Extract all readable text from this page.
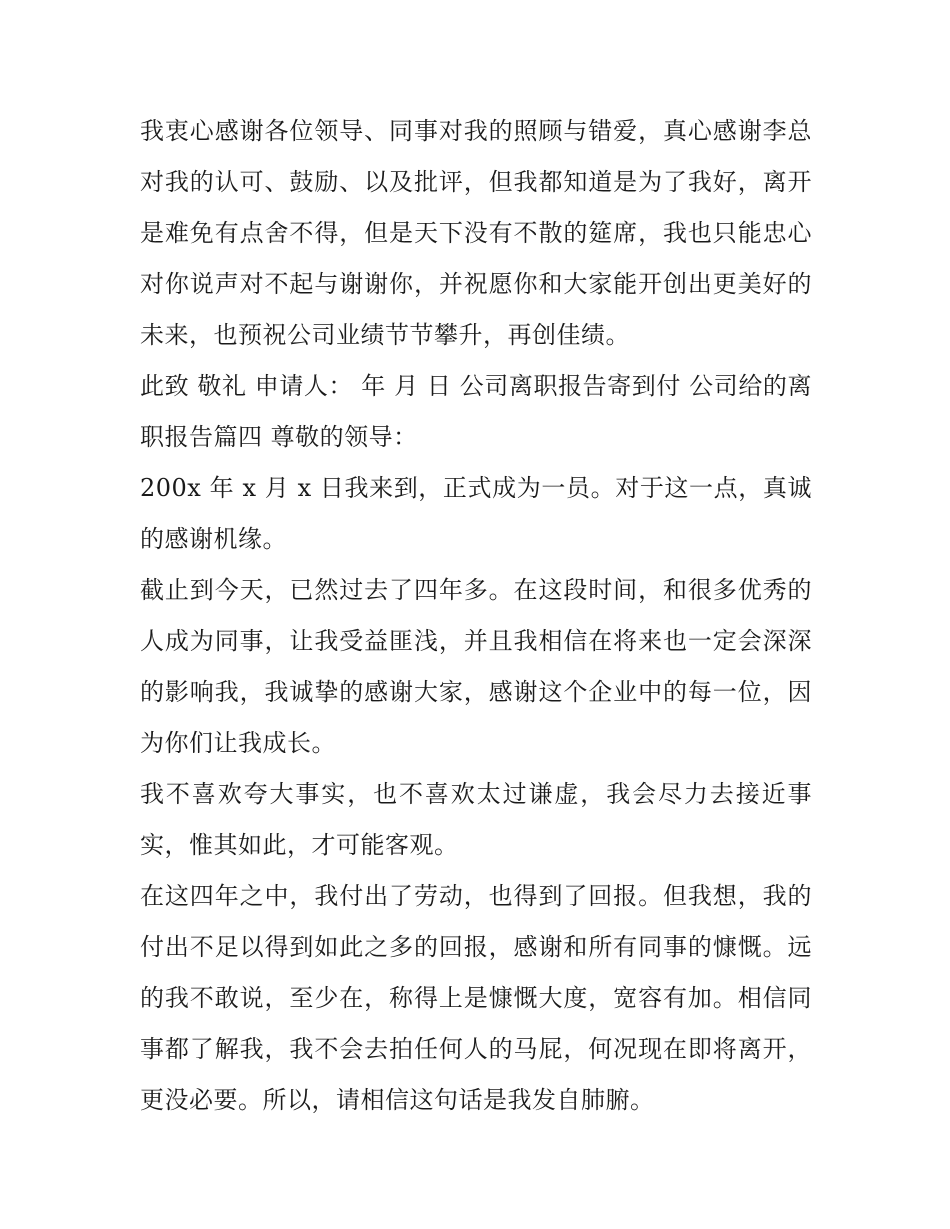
我衷心感谢各位领导、同事对我的照顾与错爱，真心感谢李总对我的认可、鼓励、以及批评，但我都知道是为了我好，离开是难免有点舍不得，但是天下没有不散的筵席，我也只能忠心对你说声对不起与谢谢你，并祝愿你和大家能开创出更美好的未来，也预祝公司业绩节节攀升，再创佳绩。

此致 敬礼 申请人： 年 月 日 公司离职报告寄到付 公司给的离职报告篇四 尊敬的领导：

200x 年 x 月 x 日我来到，正式成为一员。对于这一点，真诚的感谢机缘。

截止到今天，已然过去了四年多。在这段时间，和很多优秀的人成为同事，让我受益匪浅，并且我相信在将来也一定会深深的影响我，我诚挚的感谢大家，感谢这个企业中的每一位，因为你们让我成长。

我不喜欢夸大事实，也不喜欢太过谦虚，我会尽力去接近事实，惟其如此，才可能客观。

在这四年之中，我付出了劳动，也得到了回报。但我想，我的付出不足以得到如此之多的回报，感谢和所有同事的慷慨。远的我不敢说，至少在，称得上是慷慨大度，宽容有加。相信同事都了解我，我不会去拍任何人的马屁，何况现在即将离开，更没必要。所以，请相信这句话是我发自肺腑。
